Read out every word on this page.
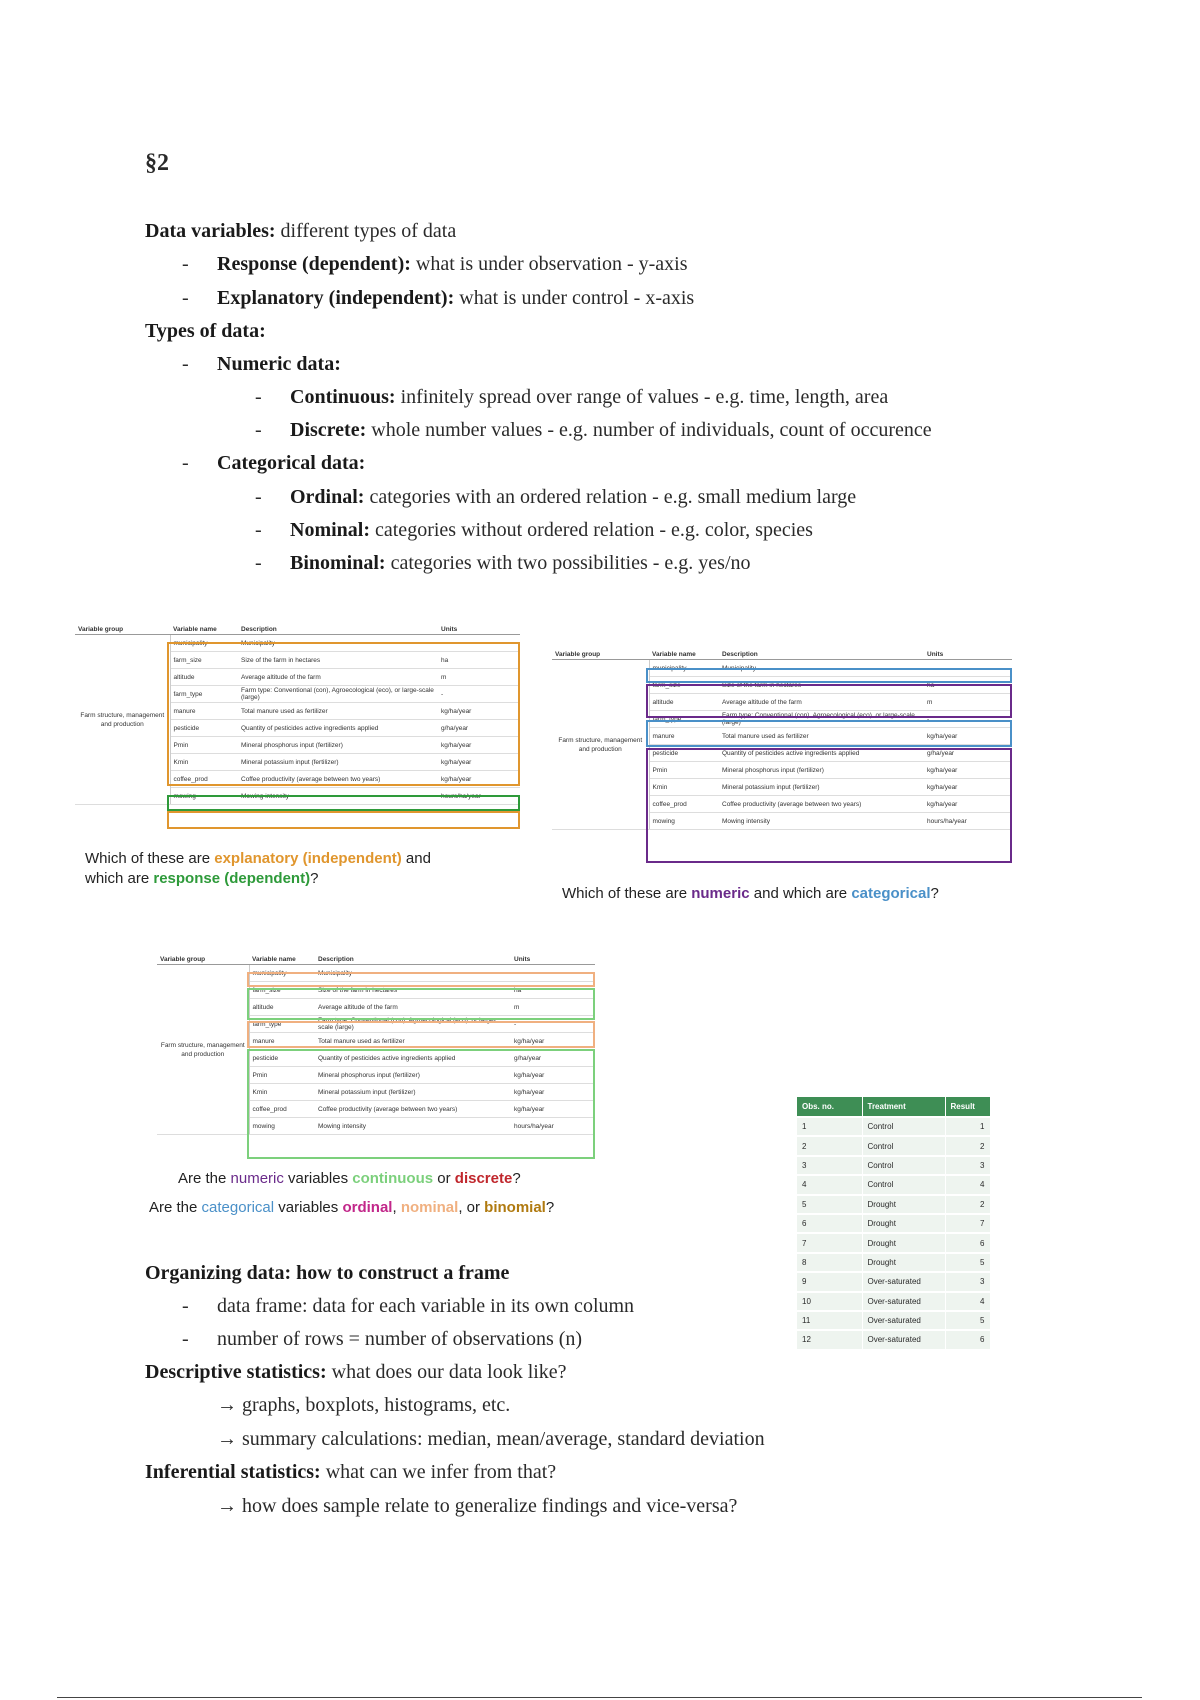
§2
Data variables: different types of data
- Response (dependent): what is under observation - y-axis
- Explanatory (independent): what is under control - x-axis
Types of data:
- Numeric data:
- Continuous: infinitely spread over range of values - e.g. time, length, area
- Discrete: whole number values - e.g. number of individuals, count of occurence
- Categorical data:
- Ordinal: categories with an ordered relation - e.g. small medium large
- Nominal: categories without ordered relation - e.g. color, species
- Binominal: categories with two possibilities - e.g. yes/no
Variable group	Variable name	Description	Units
Farm structure, management and production	municipality	Municipality	-
	farm_size	Size of the farm in hectares	ha
	altitude	Average altitude of the farm	m
	farm_type	Farm type: Conventional (con), Agroecological (eco), or large-scale (large)	-
	manure	Total manure used as fertilizer	kg/ha/year
	pesticide	Quantity of pesticides active ingredients applied	g/ha/year
	Pmin	Mineral phosphorus input (fertilizer)	kg/ha/year
	Kmin	Mineral potassium input (fertilizer)	kg/ha/year
	coffee_prod	Coffee productivity (average between two years)	kg/ha/year
	mowing	Mowing intensity	hours/ha/year
Which of these are explanatory (independent) and
which are response (dependent)?
Variable group	Variable name	Description	Units
Farm structure, management and production	municipality	Municipality	-
	farm_size	Size of the farm in hectares	ha
	altitude	Average altitude of the farm	m
	farm_type	Farm type: Conventional (con), Agroecological (eco), or large-scale (large)	-
	manure	Total manure used as fertilizer	kg/ha/year
	pesticide	Quantity of pesticides active ingredients applied	g/ha/year
	Pmin	Mineral phosphorus input (fertilizer)	kg/ha/year
	Kmin	Mineral potassium input (fertilizer)	kg/ha/year
	coffee_prod	Coffee productivity (average between two years)	kg/ha/year
	mowing	Mowing intensity	hours/ha/year
Which of these are numeric and which are categorical?
Variable group	Variable name	Description	Units
Farm structure, management and production	municipality	Municipality	-
	farm_size	Size of the farm in hectares	ha
	altitude	Average altitude of the farm	m
	farm_type	Farm type: Conventional (con), Agroecological (eco), or large-scale (large)	-
	manure	Total manure used as fertilizer	kg/ha/year
	pesticide	Quantity of pesticides active ingredients applied	g/ha/year
	Pmin	Mineral phosphorus input (fertilizer)	kg/ha/year
	Kmin	Mineral potassium input (fertilizer)	kg/ha/year
	coffee_prod	Coffee productivity (average between two years)	kg/ha/year
	mowing	Mowing intensity	hours/ha/year
Are the numeric variables continuous or discrete?
Are the categorical variables ordinal, nominal, or binomial?
Obs. no.	Treatment	Result
1	Control	1
2	Control	2
3	Control	3
4	Control	4
5	Drought	2
6	Drought	7
7	Drought	6
8	Drought	5
9	Over-saturated	3
10	Over-saturated	4
11	Over-saturated	5
12	Over-saturated	6
Organizing data: how to construct a frame
- data frame: data for each variable in its own column
- number of rows = number of observations (n)
Descriptive statistics: what does our data look like?
→ graphs, boxplots, histograms, etc.
→ summary calculations: median, mean/average, standard deviation
Inferential statistics: what can we infer from that?
→ how does sample relate to generalize findings and vice-versa?
